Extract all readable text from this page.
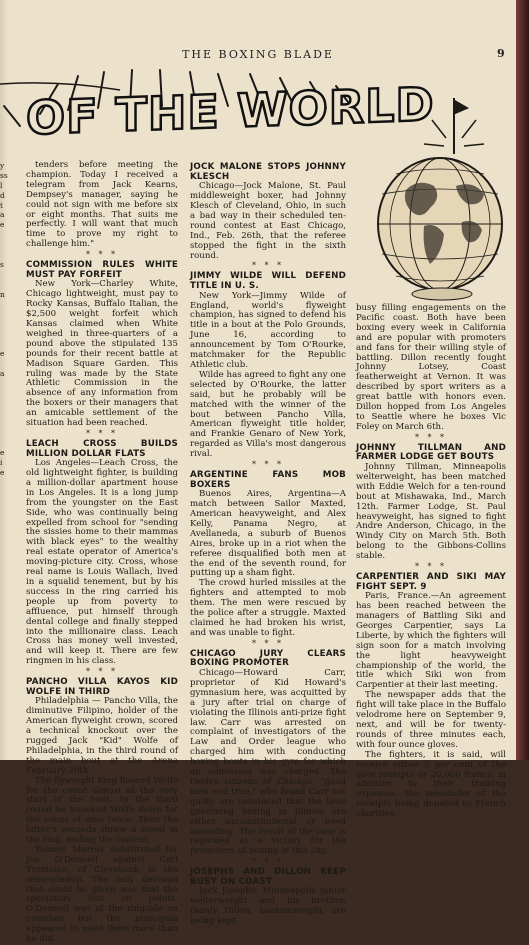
THE BOXING BLADE	9
OF THE WORLD
y
ss
l
d
t
a
e
s
n
e
a
e
i
e

tenders before meeting the champion. Today I received a telegram from Jack Kearns, Dempsey's manager, saying he could not sign with me before six or eight months. That suits me perfectly. I will want that much time to prove my right to challenge him."

* * *
COMMISSION RULES WHITE MUST PAY FORFEIT

New York—Charley White, Chicago lightweight, must pay to Rocky Kansas, Buffalo Italian, the $2,500 weight forfeit which Kansas claimed when White weighed in three-quarters of a pound above the stipulated 135 pounds for their recent battle at Madison Square Garden. This ruling was made by the State Athletic Commission in the absence of any information from the boxers or their managers that an amicable settlement of the situation had been reached.

* * *
LEACH CROSS BUILDS MILLION DOLLAR FLATS

Los Angeles—Leach Cross, the old lightweight fighter, is building a million-dollar apartment house in Los Angeles. It is a long jump from the youngster on the East Side, who was continually being expelled from school for "sending the sissies home to their mammas with black eyes" to the wealthy real estate operator of America's moving-picture city. Cross, whose real name is Louis Wallach, lived in a squalid tenement, but by his success in the ring carried his people up from poverty to affluence, put himself through dental college and finally stepped into the millionaire class. Leach Cross has money well invested, and will keep it. There are few ringmen in his class.

* * *
PANCHO VILLA KAYOS KID WOLFE IN THIRD

Philadelphia — Pancho Villa, the diminutive Filipino, holder of the American flyweight crown, scored a technical knockout over the rugged Jack "Kid" Wolfe of Philadelphia, in the third round of the main bout at the Arena February 20th.

The flyweight king floored Wolfe for the count almost at the very start of the bout. In the third round he knocked Wolfe down for the count of nine twice. Then the latter's seconds threw a towel in the ring, ending the contest.

Tommy Murray substituted for Joe O'Donnell against Carl Tremaine, of Cleveland, in the semi-windup. The only decision that could be given was that the spectators lost on points. O'Donnell was at the ringside on crutches but the principals appeared to need them more than he did.

JOCK MALONE STOPS JOHNNY KLESCH

Chicago—Jock Malone, St. Paul middleweight boxer, had Johnny Klesch of Cleveland, Ohio, in such a bad way in their scheduled ten-round contest at East Chicago, Ind., Feb. 26th, that the referee stopped the fight in the sixth round.

* * *
JIMMY WILDE WILL DEFEND TITLE IN U. S.

New York—Jimmy Wilde of England, world's flyweight champion, has signed to defend his title in a bout at the Polo Grounds, June 16, according to announcement by Tom O'Rourke, matchmaker for the Republic Athletic club.

Wilde has agreed to fight any one selected by O'Rourke, the latter said, but he probably will be matched with the winner of the bout between Pancho Villa, American flyweight title holder, and Frankie Genaro of New York, regarded as Villa's most dangerous rival.

* * *
ARGENTINE FANS MOB BOXERS

Buenos Aires, Argentina—A match between Sailor Maxted, American heavyweight, and Alex Kelly, Panama Negro, at Avellaneda, a suburb of Buenos Aires, broke up in a riot when the referee disqualified both men at the end of the seventh round, for putting up a sham fight.

The crowd hurled missiles at the fighters and attempted to mob them. The men were rescued by the police after a struggle. Maxted claimed he had broken his wrist, and was unable to fight.

* * *
CHICAGO JURY CLEARS BOXING PROMOTER

Chicago—Howard Carr, proprietor of Kid Howard's gymnasium here, was acquitted by a jury after trial on charge of violating the Illinois anti-prize fight law. Carr was arrested on complaint of investigators of the Law and Order league who charged him with conducting boxing bouts in his gym for which an admission was charged. The twelve citizens of Chicago, "good men and true," who found Carr not guilty are convinced that the laws governing boxing in Illinois are either unconstitutional or need amending. The result of the case is regarded as a victory for the promoters of boxing in this city.

* * *
JOSEPHS AND DILLON KEEP BUSY ON COAST

Jack Josephs, Minneapolis junior welterweight and his brother, Dandy Dillon, bantamweight, are being kept

busy filling engagements on the Pacific coast. Both have been boxing every week in California and are popular with promoters and fans for their willing style of battling. Dillon recently fought Johnny Lotsey, Coast featherweight at Vernon. It was described by sport writers as a great battle with honors even. Dillon hopped from Los Angeles to Seattle where he boxes Vic Foley on March 6th.

* * *
JOHNNY TILLMAN AND FARMER LODGE GET BOUTS

Johnny Tillman, Minneapolis welterweight, has been matched with Eddie Welch for a ten-round bout at Mishawaka, Ind., March 12th. Farmer Lodge, St. Paul heavyweight, has signed to fight Andre Anderson, Chicago, in the Windy City on March 5th. Both belong to the Gibbons-Collins stable.

* * *
CARPENTIER AND SIKI MAY FIGHT SEPT. 9

Paris, France.—An agreement has been reached between the managers of Battling Siki and Georges Carpentier, says La Liberte, by which the fighters will sign soon for a match involving the light heavyweight championship of the world, the title which Siki won from Carpentier at their last meeting.

The newspaper adds that the fight will take place in the Buffalo velodrome here on September 9, next, and will be for twenty-rounds of three minutes each, with four ounce gloves.

The fighters, it is said, will receive either 5 per cent of the gate receipts or 20,000 francs, in addition to their training expenses, the remainder of the receipts being donated to French charities.
